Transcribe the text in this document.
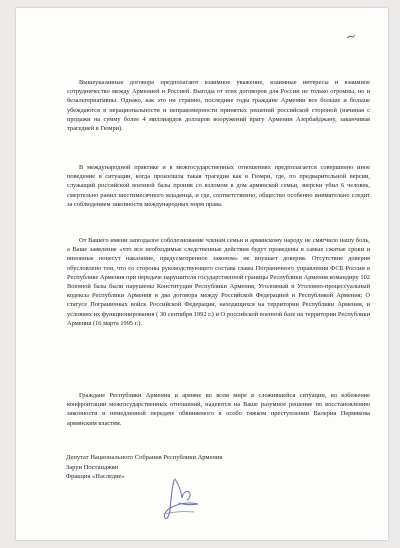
Вышеуказанные договора предполагают взаимное уважение, взаимные интересы и взаимное сотрудничество между Арменией и Россией. Выгоды от этих договоров для России не только огромны, но и безальтернативны. Однако, как это ни странно, последние годы граждане Армении все больше и больше убеждаются в нерациональности и неправомерности принятых решений российской стороной (начиная с продажи на сумму более 4 миллиардов долларов вооружений врагу Армении Азербайджану, заканчивая трагедией в Гюмри).

В международной практике и в межгосударственных отношениях предполагается совершенно иное поведение в ситуации, когда произошла такая трагедия как в Гюмри, где, по предварительной версии, служащий российской военной базы проник со взломом в дом армянской семьи, зверски убил 6 человек, смертельно ранил шестимесячного младенца, и где, соответственно, общество особенно внимательно следит за соблюдением законности международных норм права.

От Вашего имени запоздалое соболезнование членам семьи и армянскому народу не смягчило нашу боль, а Ваше заявление «что все необходимые следственные действия будут проведены в самые сжатые сроки и виновные понесут наказание, предусмотренное законом» не внушает доверия. Отсутствие доверия обусловлено тем, что со стороны руководствующего состава главы Пограничного управления ФСБ России в Республике Армения при передаче нарушителя государственной границы Республики Армения командиру 102 Военной базы были нарушены Конституция Республики Армения, Уголовный и Уголовно-процессуальный кодексы Республики Армения и два договора между Российской Федерацией и Республикой Армения: О статусе Пограничных войск Российской Федерации, находящихся на территории Республики Армения, и условиях их функционирования ( 30 сентября 1992 г.) и О российской военной базе на территории Республики Армения (16 марта 1995 г.).

Граждане Республики Армения и армяне во всем мире в сложившейся ситуации, во избежение конфронтации межгосударственных отношений, надеются на Ваше разумное решение по восстановлению законности и немедленной передаче обвиняемого в особо тяжком преступлении Валерия Пермякова армянским властям.

Депутат Национального Собрания Республики Армения
Заруи Постанджян
Фракция «Наследие»
